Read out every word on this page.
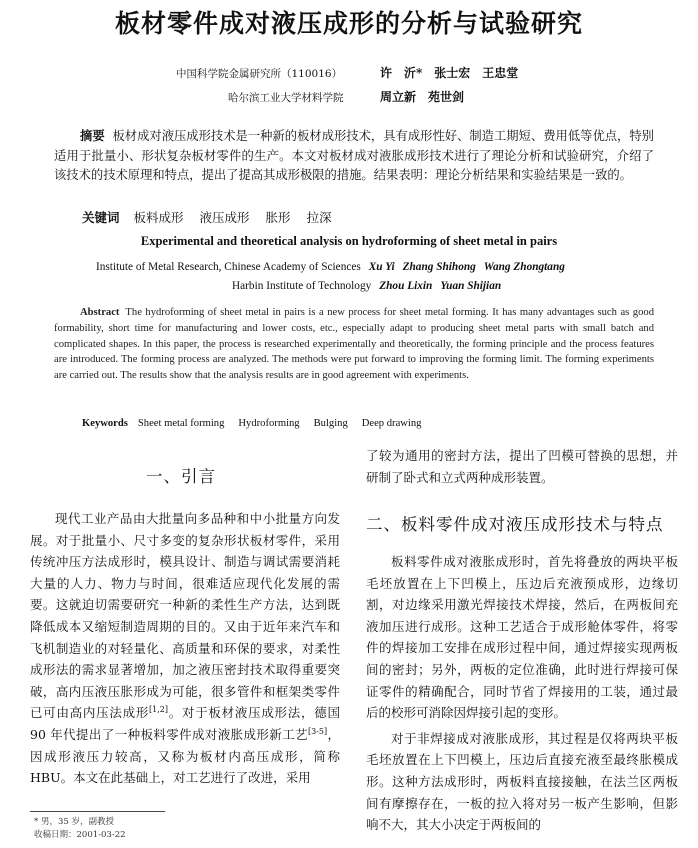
板材零件成对液压成形的分析与试验研究
中国科学院金属研究所（110016）	许　沂*　张士宏　王忠堂
哈尔滨工业大学材料学院	周立新　苑世剑
摘要 板材成对液压成形技术是一种新的板材成形技术，具有成形性好、制造工期短、费用低等优点，特别适用于批量小、形状复杂板材零件的生产。本文对板材成对液胀成形技术进行了理论分析和试验研究，介绍了该技术的技术原理和特点，提出了提高其成形极限的措施。结果表明：理论分析结果和实验结果是一致的。
关键词 板料成形 液压成形 胀形 拉深
Experimental and theoretical analysis on hydroforming of sheet metal in pairs
Institute of Metal Research, Chinese Academy of Sciences Xu Yi Zhang Shihong Wang Zhongtang
Harbin Institute of Technology Zhou Lixin Yuan Shijian
Abstract The hydroforming of sheet metal in pairs is a new process for sheet metal forming. It has many advantages such as good formability, short time for manufacturing and lower costs, etc., especially adapt to producing sheet metal parts with small batch and complicated shapes. In this paper, the process is researched experimentally and theoretically, the forming principle and the process features are introduced. The forming process are analyzed. The methods were put forward to improving the forming limit. The forming experiments are carried out. The results show that the analysis results are in good agreement with experiments.
Keywords Sheet metal forming Hydroforming Bulging Deep drawing
一、引言

现代工业产品由大批量向多品种和中小批量方向发展。对于批量小、尺寸多变的复杂形状板材零件，采用传统冲压方法成形时，模具设计、制造与调试需要消耗大量的人力、物力与时间，很难适应现代化发展的需要。这就迫切需要研究一种新的柔性生产方法，达到既降低成本又缩短制造周期的目的。又由于近年来汽车和飞机制造业的对轻量化、高质量和环保的要求，对柔性成形法的需求显著增加，加之液压密封技术取得重要突破，高内压液压胀形成为可能，很多管件和框架类零件已可由高内压法成形[1,2]。对于板材液压成形法，德国 90 年代提出了一种板料零件成对液胀成形新工艺[3-5]，因成形液压力较高，又称为板材内高压成形，简称HBU。本文在此基础上，对工艺进行了改进，采用

* 男，35 岁，副教授
收稿日期：2001-03-22

了较为通用的密封方法，提出了凹模可替换的思想，并研制了卧式和立式两种成形装置。

二、板料零件成对液压成形技术与特点

板料零件成对液胀成形时，首先将叠放的两块平板毛坯放置在上下凹模上，压边后充液预成形，边缘切割，对边缘采用激光焊接技术焊接，然后，在两板间充液加压进行成形。这种工艺适合于成形舱体零件，将零件的焊接加工安排在成形过程中间，通过焊接实现两板间的密封；另外，两板的定位准确，此时进行焊接可保证零件的精确配合，同时节省了焊接用的工装，通过最后的校形可消除因焊接引起的变形。

对于非焊接成对液胀成形，其过程是仅将两块平板毛坯放置在上下凹模上，压边后直接充液至最终胀模成形。这种方法成形时，两板料直接接触，在法兰区两板间有摩擦存在，一板的拉入将对另一板产生影响，但影响不大，其大小决定于两板间的
